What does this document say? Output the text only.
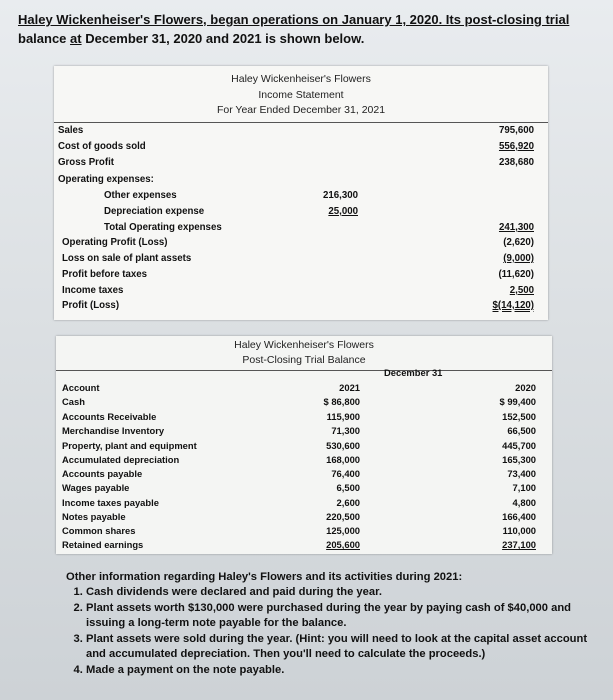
Haley Wickenheiser's Flowers, began operations on January 1, 2020. Its post-closing trial
balance at December 31, 2020 and 2021 is shown below.
Haley Wickenheiser's Flowers
Income Statement
For Year Ended December 31, 2021
Sales	795,600
Cost of goods sold	556,920
Gross Profit	238,680
Operating expenses:
Other expenses	216,300
Depreciation expense	25,000
Total Operating expenses	241,300
Operating Profit (Loss)	(2,620)
Loss on sale of plant assets	(9,000)
Profit before taxes	(11,620)
Income taxes	2,500
Profit (Loss)	$(14,120)
Haley Wickenheiser's Flowers
Post-Closing Trial Balance
December 31
Account	2021	2020
Cash	$ 86,800	$ 99,400
Accounts Receivable	115,900	152,500
Merchandise Inventory	71,300	66,500
Property, plant and equipment	530,600	445,700
Accumulated depreciation	168,000	165,300
Accounts payable	76,400	73,400
Wages payable	6,500	7,100
Income taxes payable	2,600	4,800
Notes payable	220,500	166,400
Common shares	125,000	110,000
Retained earnings	205,600	237,100
Other information regarding Haley's Flowers and its activities during 2021:
1. Cash dividends were declared and paid during the year.
2. Plant assets worth $130,000 were purchased during the year by paying cash of $40,000 and issuing a long-term note payable for the balance.
3. Plant assets were sold during the year. (Hint: you will need to look at the capital asset account and accumulated depreciation. Then you'll need to calculate the proceeds.)
4. Made a payment on the note payable.
